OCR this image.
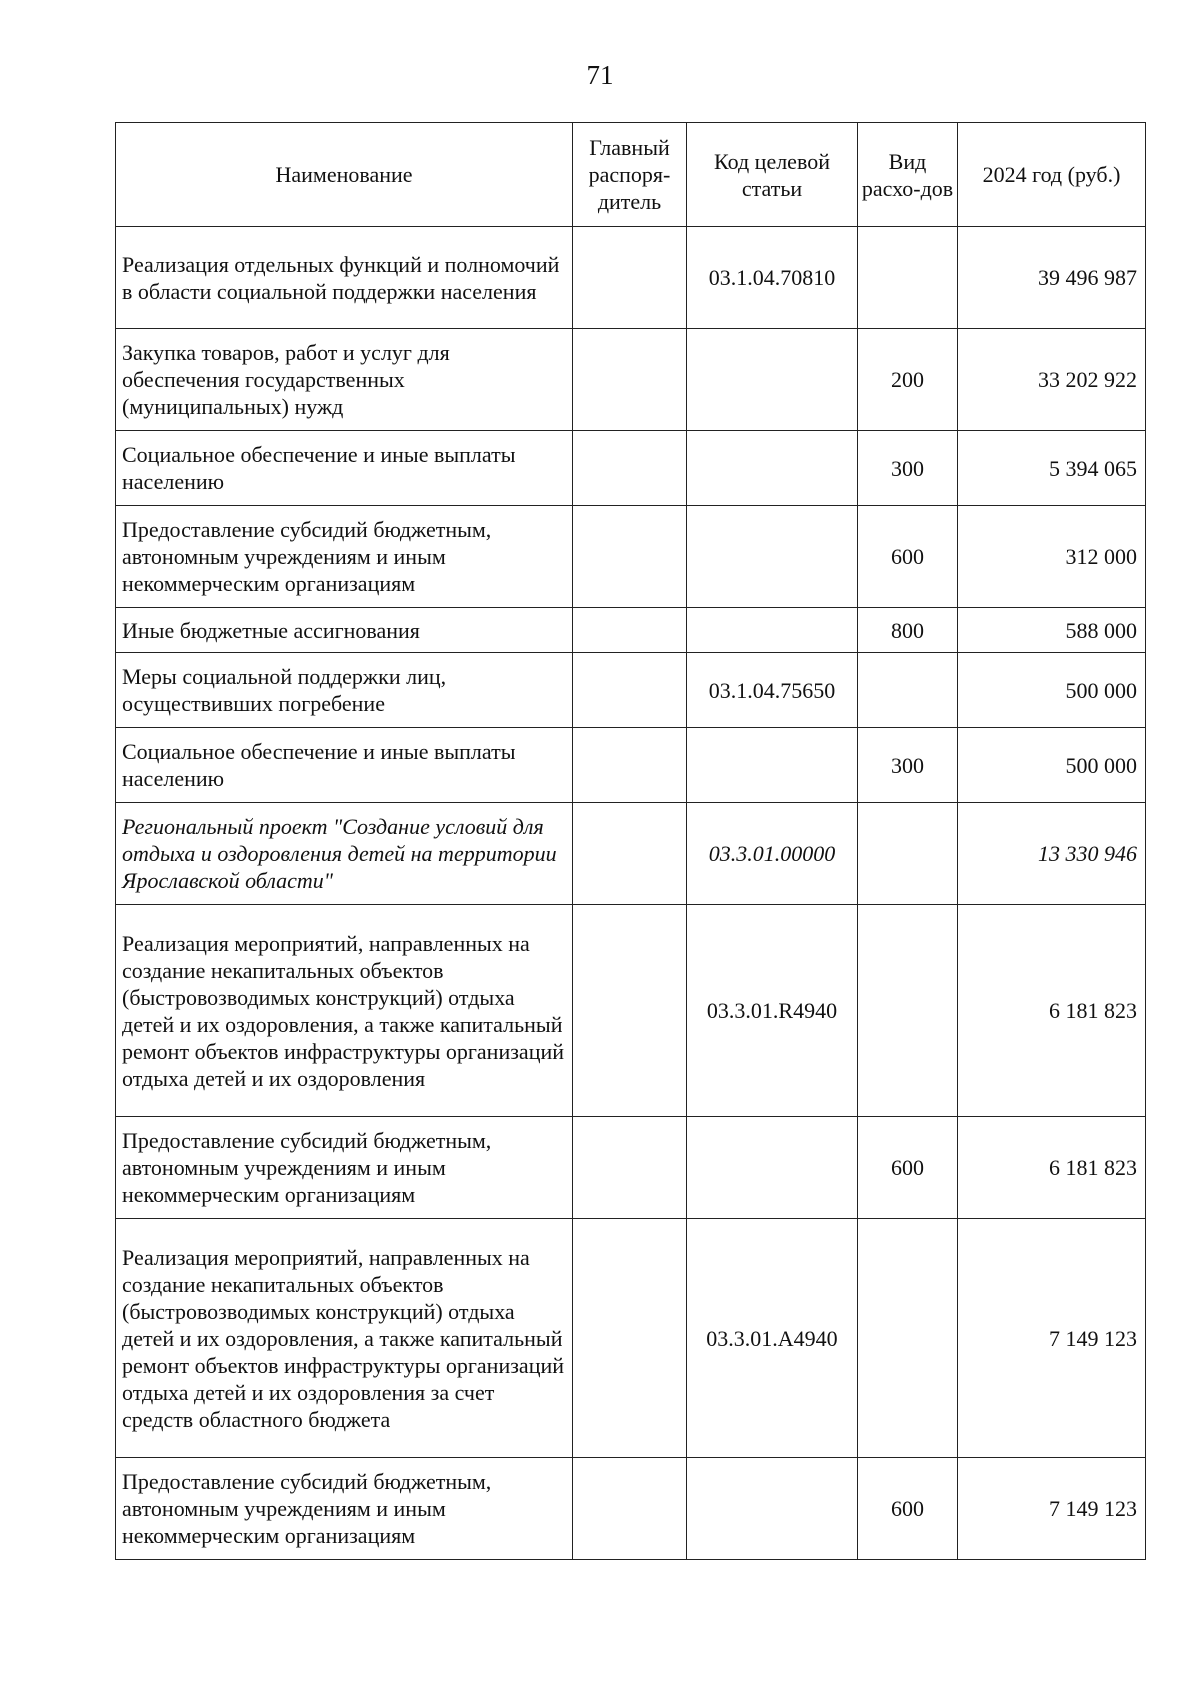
71
Наименование	Главный распоря-дитель	Код целевой статьи	Вид расхо-дов	2024 год (руб.)
Реализация отдельных функций и полномочий в области социальной поддержки населения		03.1.04.70810		39 496 987
Закупка товаров, работ и услуг для обеспечения государственных (муниципальных) нужд			200	33 202 922
Социальное обеспечение и иные выплаты населению			300	5 394 065
Предоставление субсидий бюджетным, автономным учреждениям и иным некоммерческим организациям			600	312 000
Иные бюджетные ассигнования			800	588 000
Меры социальной поддержки лиц, осуществивших погребение		03.1.04.75650		500 000
Социальное обеспечение и иные выплаты населению			300	500 000
Региональный проект "Создание условий для отдыха и оздоровления детей на территории Ярославской области"		03.3.01.00000		13 330 946
Реализация мероприятий, направленных на создание некапитальных объектов (быстровозводимых конструкций) отдыха детей и их оздоровления, а также капитальный ремонт объектов инфраструктуры организаций отдыха детей и их оздоровления		03.3.01.R4940		6 181 823
Предоставление субсидий бюджетным, автономным учреждениям и иным некоммерческим организациям			600	6 181 823
Реализация мероприятий, направленных на создание некапитальных объектов (быстровозводимых конструкций) отдыха детей и их оздоровления, а также капитальный ремонт объектов инфраструктуры организаций отдыха детей и их оздоровления за счет средств областного бюджета		03.3.01.A4940		7 149 123
Предоставление субсидий бюджетным, автономным учреждениям и иным некоммерческим организациям			600	7 149 123
